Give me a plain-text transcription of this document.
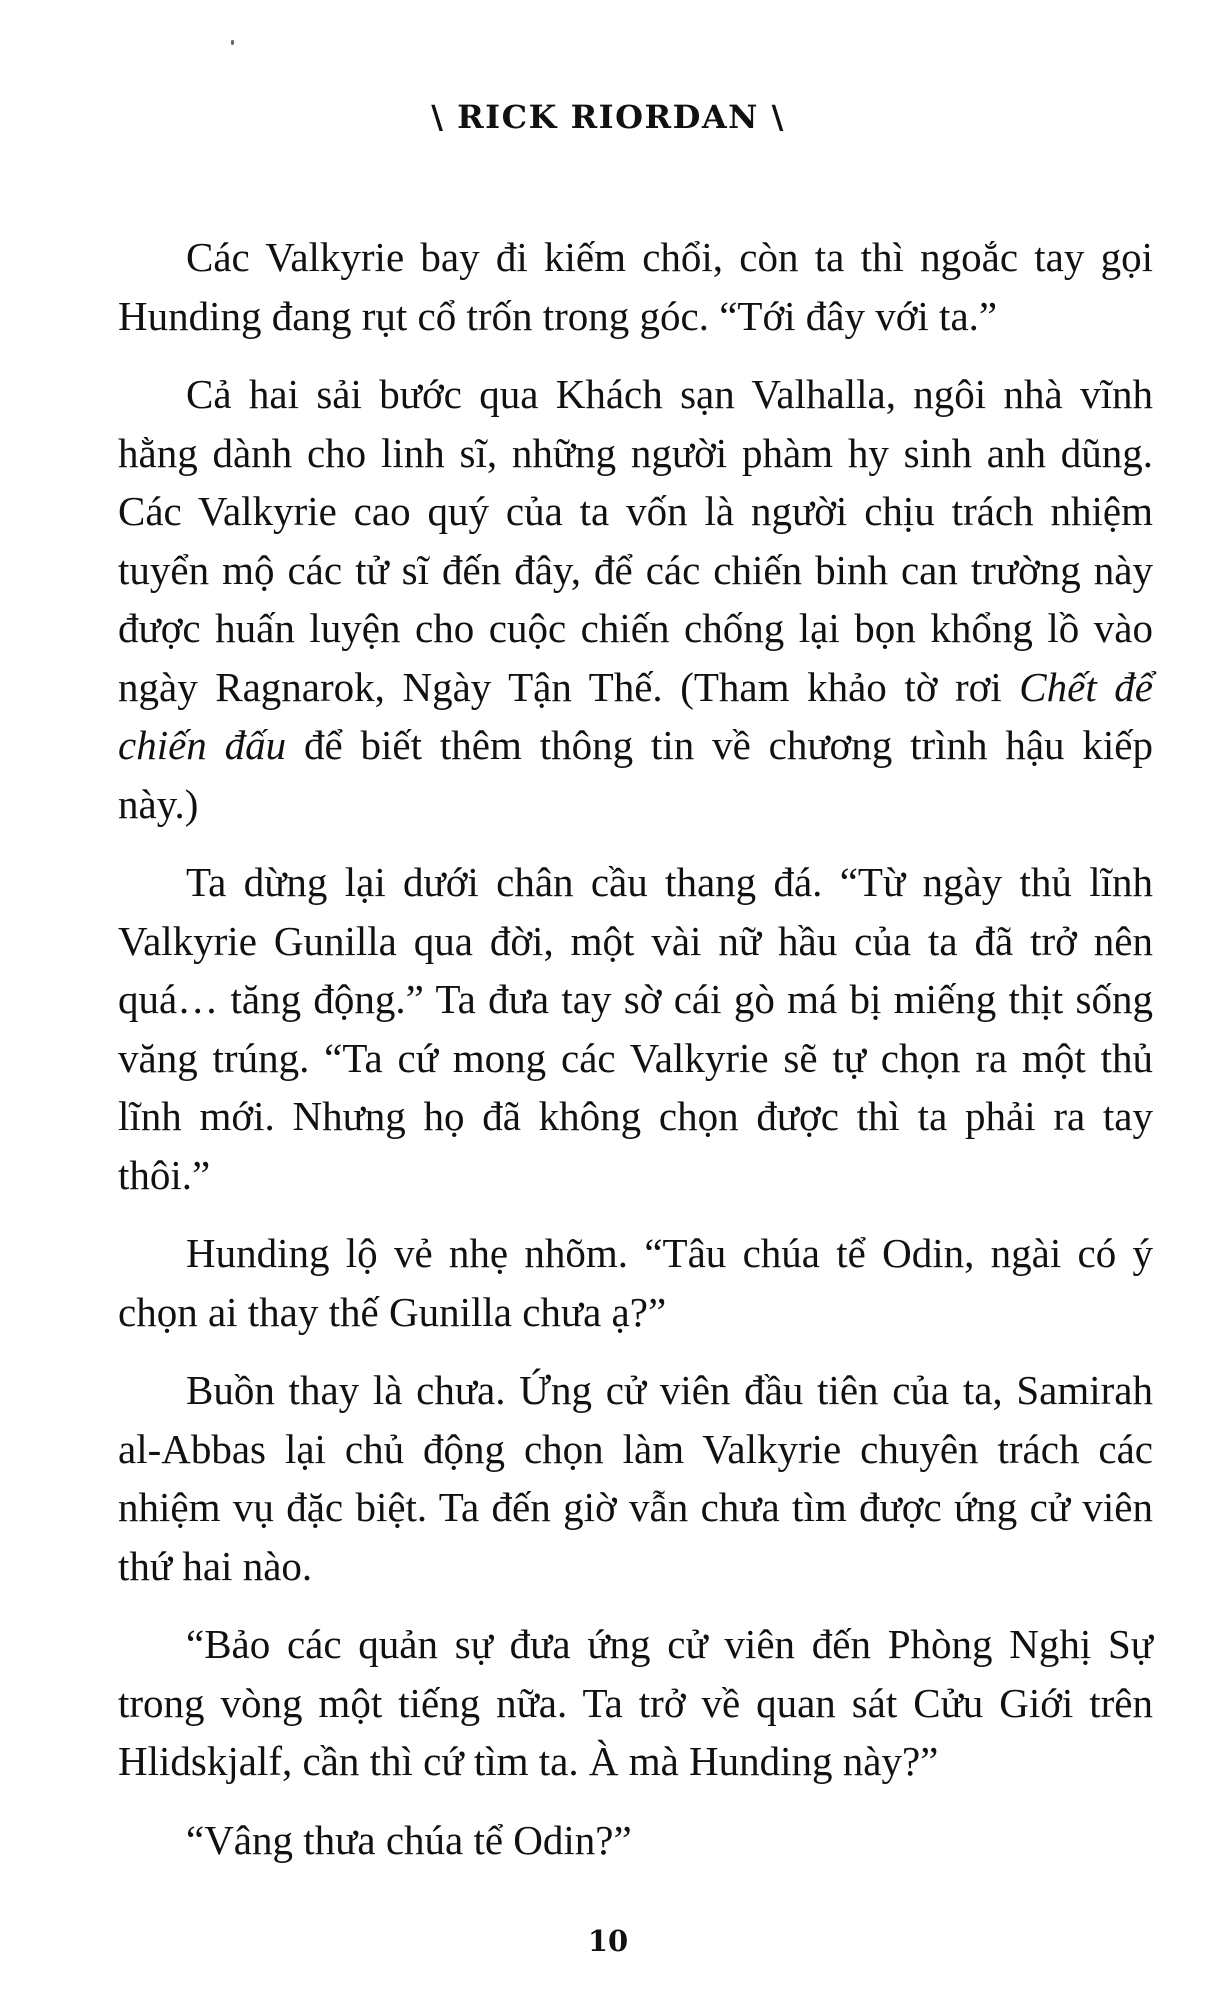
\ RICK RIORDAN \

Các Valkyrie bay đi kiếm chổi, còn ta thì ngoắc tay gọi Hunding đang rụt cổ trốn trong góc. “Tới đây với ta.”

Cả hai sải bước qua Khách sạn Valhalla, ngôi nhà vĩnh hằng dành cho linh sĩ, những người phàm hy sinh anh dũng. Các Valkyrie cao quý của ta vốn là người chịu trách nhiệm tuyển mộ các tử sĩ đến đây, để các chiến binh can trường này được huấn luyện cho cuộc chiến chống lại bọn khổng lồ vào ngày Ragnarok, Ngày Tận Thế. (Tham khảo tờ rơi Chết để chiến đấu để biết thêm thông tin về chương trình hậu kiếp này.)

Ta dừng lại dưới chân cầu thang đá. “Từ ngày thủ lĩnh Valkyrie Gunilla qua đời, một vài nữ hầu của ta đã trở nên quá… tăng động.” Ta đưa tay sờ cái gò má bị miếng thịt sống văng trúng. “Ta cứ mong các Valkyrie sẽ tự chọn ra một thủ lĩnh mới. Nhưng họ đã không chọn được thì ta phải ra tay thôi.”

Hunding lộ vẻ nhẹ nhõm. “Tâu chúa tể Odin, ngài có ý chọn ai thay thế Gunilla chưa ạ?”

Buồn thay là chưa. Ứng cử viên đầu tiên của ta, Samirah al-Abbas lại chủ động chọn làm Valkyrie chuyên trách các nhiệm vụ đặc biệt. Ta đến giờ vẫn chưa tìm được ứng cử viên thứ hai nào.

“Bảo các quản sự đưa ứng cử viên đến Phòng Nghị Sự trong vòng một tiếng nữa. Ta trở về quan sát Cửu Giới trên Hlidskjalf, cần thì cứ tìm ta. À mà Hunding này?”

“Vâng thưa chúa tể Odin?”

10
